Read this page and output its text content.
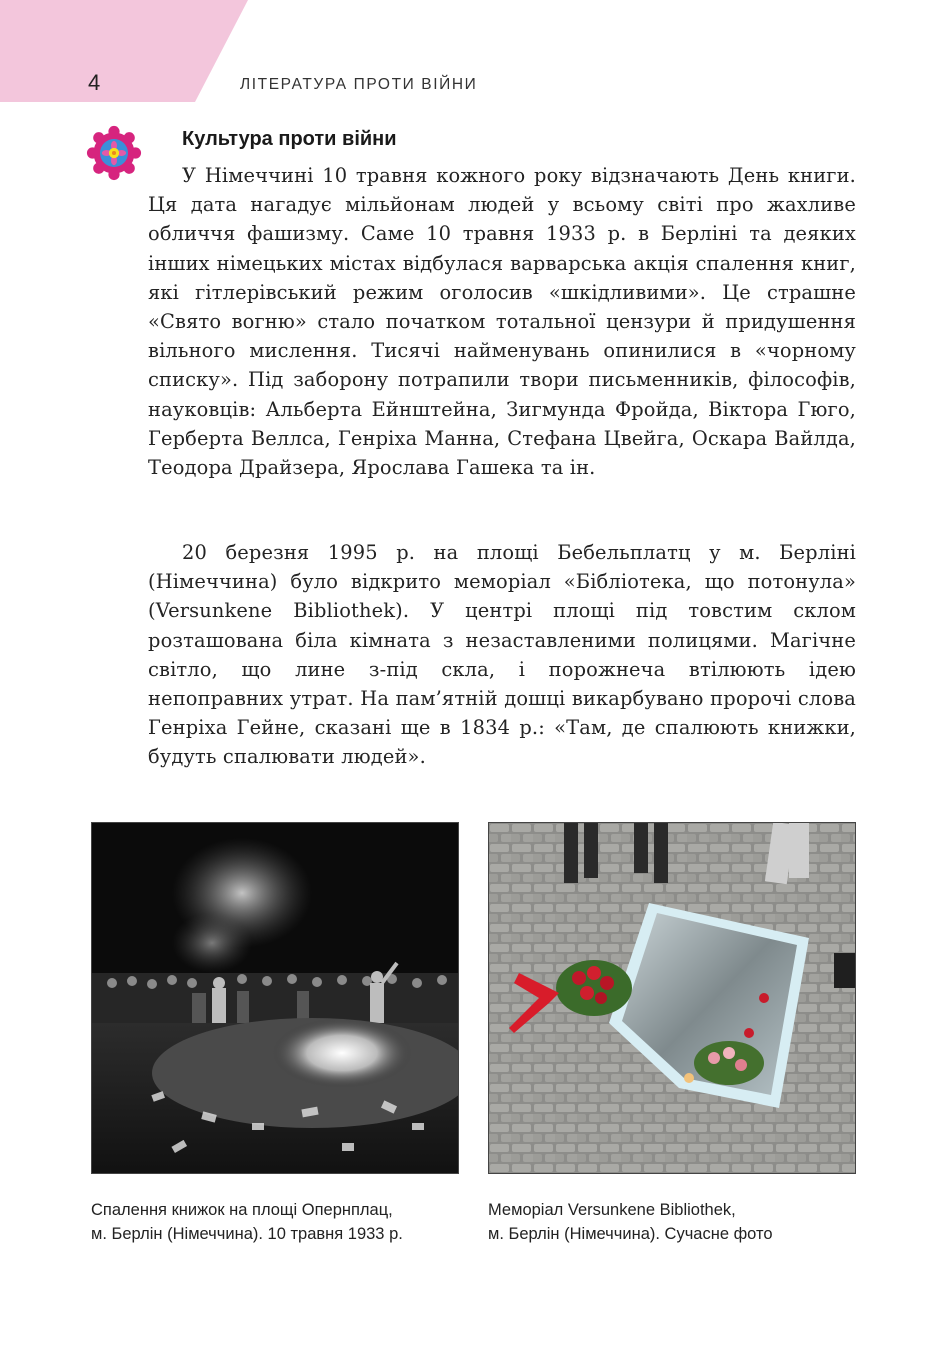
4	ЛІТЕРАТУРА ПРОТИ ВІЙНИ
Культура проти війни

У Німеччині 10 травня кожного року відзначають День книги. Ця дата нагадує мільйонам людей у всьому світі про жахливе обличчя фашизму. Саме 10 травня 1933 р. в Берліні та деяких інших німецьких містах відбулася варварська акція спалення книг, які гітлерівський режим оголосив «шкідливими». Це страшне «Свято вогню» стало початком тотальної цензури й придушення вільного мислення. Тисячі найменувань опинилися в «чорному списку». Під заборону потрапили твори письменників, філософів, науковців: Альберта Ейнштейна, Зигмунда Фройда, Віктора Гюго, Герберта Веллса, Генріха Манна, Стефана Цвейга, Оскара Вайлда, Теодора Драйзера, Ярослава Гашека та ін.

20 березня 1995 р. на площі Бебельплатц у м. Берліні (Німеччина) було відкрито меморіал «Бібліотека, що потонула» (Versunkene Bibliothek). У центрі площі під товстим склом розташована біла кімната з незаставленими полицями. Магічне світло, що лине з-під скла, і порожнеча втілюють ідею непоправних утрат. На пам’ятній дошці викарбувано пророчі слова Генріха Гейне, сказані ще в 1834 р.: «Там, де спалюють книжки, будуть спалювати людей».

Спалення книжок на площі Опернплац,
м. Берлін (Німеччина). 10 травня 1933 р.
Меморіал Versunkene Bibliothek,
м. Берлін (Німеччина). Сучасне фото
